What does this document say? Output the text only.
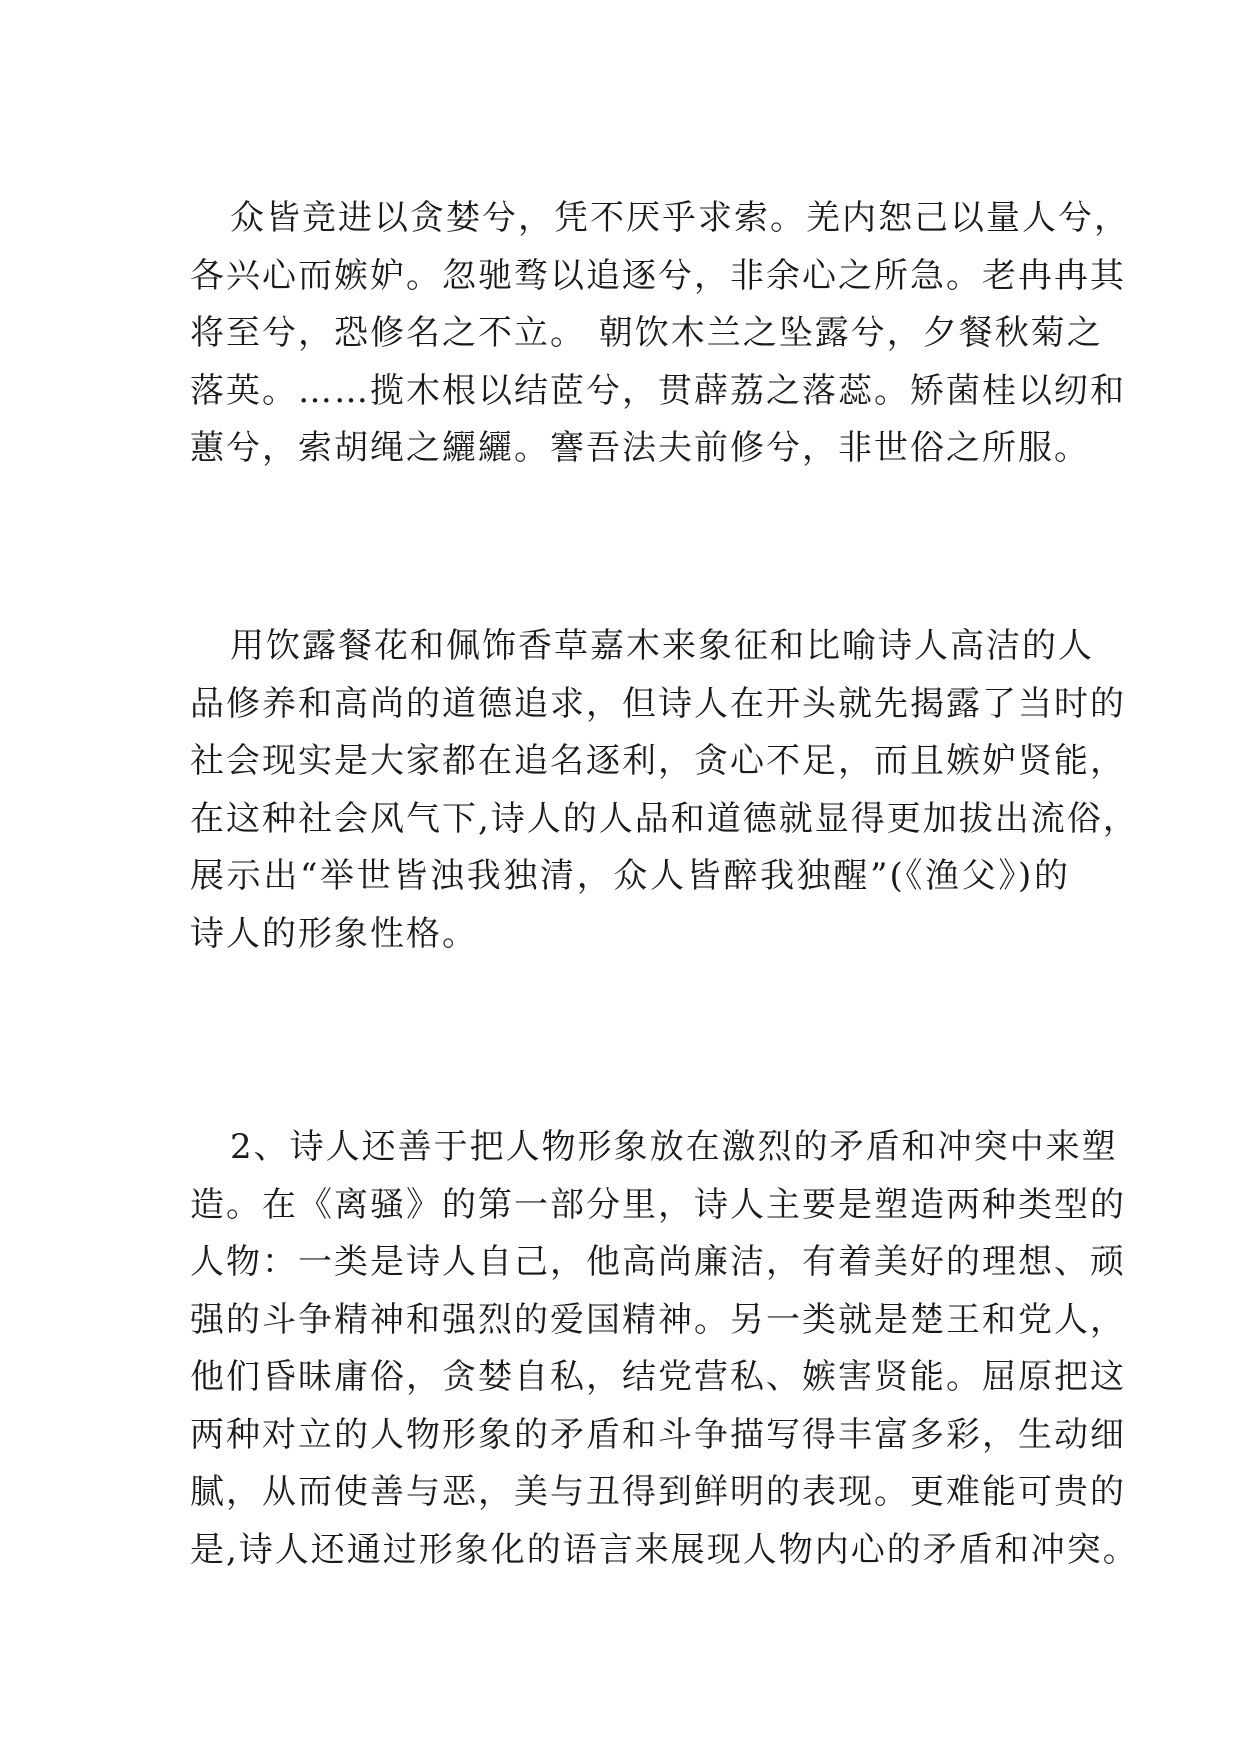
众皆竞进以贪婪兮，凭不厌乎求索。羌内恕己以量人兮，
各兴心而嫉妒。忽驰骛以追逐兮，非余心之所急。老冉冉其
将至兮，恐修名之不立。 朝饮木兰之坠露兮，夕餐秋菊之
落英。……揽木根以结茝兮，贯薜荔之落蕊。矫菌桂以纫和
蕙兮，索胡绳之纚纚。謇吾法夫前修兮，非世俗之所服。
用饮露餐花和佩饰香草嘉木来象征和比喻诗人高洁的人
品修养和高尚的道德追求，但诗人在开头就先揭露了当时的
社会现实是大家都在追名逐利，贪心不足，而且嫉妒贤能，
在这种社会风气下,诗人的人品和道德就显得更加拔出流俗，
展示出“举世皆浊我独清，众人皆醉我独醒”(《渔父》)的
诗人的形象性格。
2、诗人还善于把人物形象放在激烈的矛盾和冲突中来塑
造。在《离骚》的第一部分里，诗人主要是塑造两种类型的
人物：一类是诗人自己，他高尚廉洁，有着美好的理想、顽
强的斗争精神和强烈的爱国精神。另一类就是楚王和党人，
他们昏昧庸俗，贪婪自私，结党营私、嫉害贤能。屈原把这
两种对立的人物形象的矛盾和斗争描写得丰富多彩，生动细
腻，从而使善与恶，美与丑得到鲜明的表现。更难能可贵的
是,诗人还通过形象化的语言来展现人物内心的矛盾和冲突。
